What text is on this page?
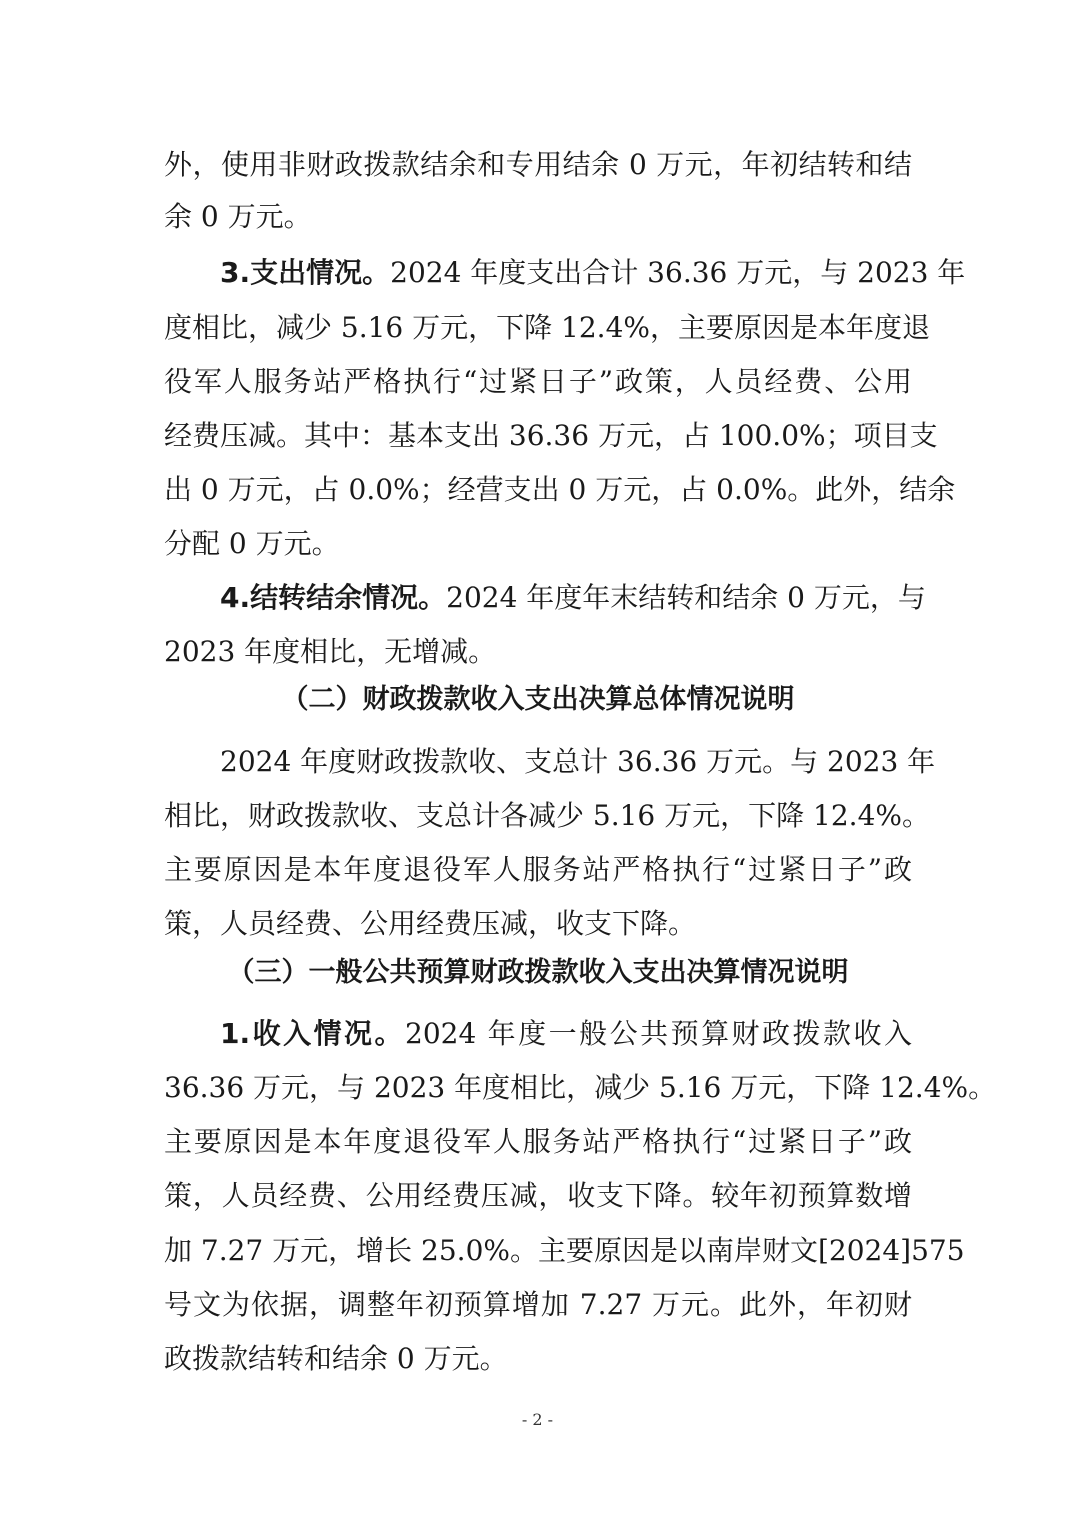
外，使用非财政拨款结余和专用结余 0 万元，年初结转和结
余 0 万元。
3.支出情况。2024 年度支出合计 36.36 万元，与 2023 年
度相比，减少 5.16 万元，下降 12.4%，主要原因是本年度退
役军人服务站严格执行“过紧日子”政策，人员经费、公用
经费压减。其中：基本支出 36.36 万元，占 100.0%；项目支
出 0 万元，占 0.0%；经营支出 0 万元，占 0.0%。此外，结余
分配 0 万元。
4.结转结余情况。2024 年度年末结转和结余 0 万元，与
2023 年度相比，无增减。
（二）财政拨款收入支出决算总体情况说明
2024 年度财政拨款收、支总计 36.36 万元。与 2023 年
相比，财政拨款收、支总计各减少 5.16 万元，下降 12.4%。
主要原因是本年度退役军人服务站严格执行“过紧日子”政
策，人员经费、公用经费压减，收支下降。
（三）一般公共预算财政拨款收入支出决算情况说明
1.收入情况。2024 年度一般公共预算财政拨款收入
36.36 万元，与 2023 年度相比，减少 5.16 万元，下降 12.4%。
主要原因是本年度退役军人服务站严格执行“过紧日子”政
策，人员经费、公用经费压减，收支下降。较年初预算数增
加 7.27 万元，增长 25.0%。主要原因是以南岸财文[2024]575
号文为依据，调整年初预算增加 7.27 万元。此外，年初财
政拨款结转和结余 0 万元。
- 2 -
